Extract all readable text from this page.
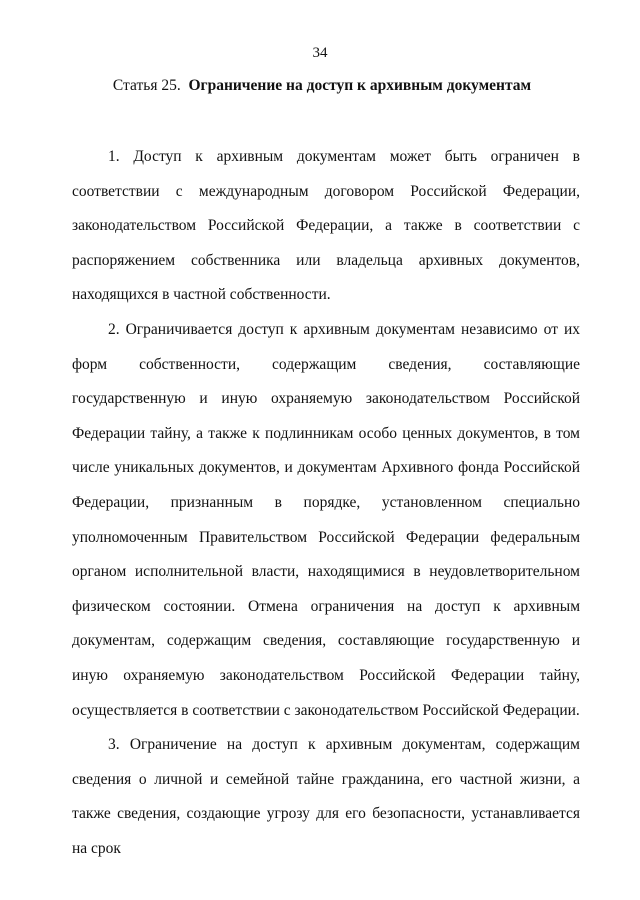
34
Статья 25. Ограничение на доступ к архивным документам

1. Доступ к архивным документам может быть ограничен в соответствии с международным договором Российской Федерации, законодательством Российской Федерации, а также в соответствии с распоряжением собственника или владельца архивных документов, находящихся в частной собственности.

2. Ограничивается доступ к архивным документам независимо от их форм собственности, содержащим сведения, составляющие государственную и иную охраняемую законодательством Российской Федерации тайну, а также к подлинникам особо ценных документов, в том числе уникальных документов, и документам Архивного фонда Российской Федерации, признанным в порядке, установленном специально уполномоченным Правительством Российской Федерации федеральным органом исполнительной власти, находящимися в неудовлетворительном физическом состоянии. Отмена ограничения на доступ к архивным документам, содержащим сведения, составляющие государственную и иную охраняемую законодательством Российской Федерации тайну, осуществляется в соответствии с законодательством Российской Федерации.

3. Ограничение на доступ к архивным документам, содержащим сведения о личной и семейной тайне гражданина, его частной жизни, а также сведения, создающие угрозу для его безопасности, устанавливается на срок
